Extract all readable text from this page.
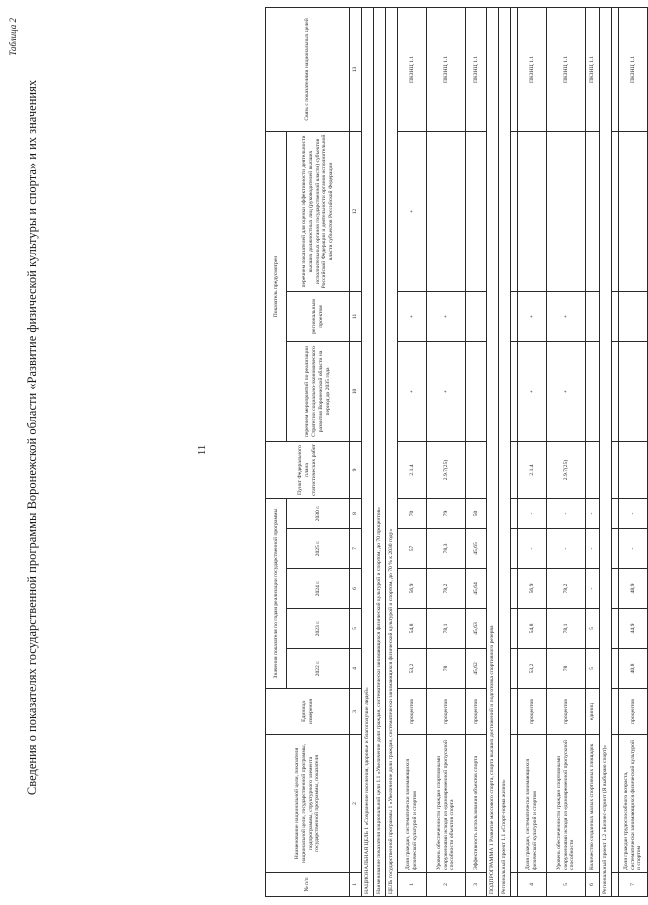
11
Таблица 2
Сведения о показателях государственной программы Воронежской области «Развитие физической культуры и спорта» и их значениях
№ п/п	Наименование национальной цели, показателя национальной цели, государственной программы, подпрограммы, структурного элемента государственной программы, показателя	Единица измерения	Значения показателя по годам реализации государственной программы					Пункт Федерального плана статистических работ	Показатель предусмотрен			Связь с показателями национальных целей
									перечнем мероприятий по реализации Стратегии социально-экономического развития Воронежской области на период до 2035 года	региональным проектом	перечнем показателей для оценки эффективности деятельности высших должностных лиц (руководителей высших исполнительных органов государственной власти) субъектов Российской Федерации и деятельности органов исполнительной власти субъектов Российской Федерации	
			2022 г.	2023 г.	2024 г.	2025 г.	2030 г.					
1	2	3	4	5	6	7	8	9	10	11	12	13
НАЦИОНАЛЬНАЯ ЦЕЛЬ 1 «Сохранение населения, здоровье и благополучие людей»												
Наименование показателя национальной цели 1.1 «Увеличение доли граждан, систематически занимающихся физической культурой и спортом, до 70 процентов»												
ЦЕЛЬ государственной программы 1 «Увеличение доли граждан, систематически занимающихся физической культурой и спортом, до 70 % к 2030 году»												
1	Доля граждан, систематически занимающихся физической культурой и спортом	процентов	53,2	54,8	56,9	57	70	2.1.4	+	+	+	ПКЗНЦ 1.1
2	Уровень обеспеченности граждан спортивными сооружениями исходя из единовременной пропускной способности объектов спорта	процентов	78	78,1	78,2	78,3	79	2.9.7(25)	+	+		ПКЗНЦ 1.1
3	Эффективность использования объектов спорта	процентов	45,62	45,63	45,64	45,65	50					ПКЗНЦ 1.1
ПОДПРОГРАММА 1 Развитие массового спорта, спорта высших достижений и подготовка спортивного резерва												
Региональный проект 1.1 «Спорт-норма жизни»												

4	Доля граждан, систематически занимающихся физической культурой и спортом	процентов	53,2	54,8	56,9	-	-	2.1.4	+	+		ПКЗНЦ 1.1
5	Уровень обеспеченности граждан спортивными сооружениями исходя из единовременной пропускной способности	процентов	78	78,1	78,2	-	-	2.9.7(25)	+	+		ПКЗНЦ 1.1
6	Количество созданных малых спортивных площадок	единиц	5	5	-	-	-					ПКЗНЦ 1.1
Региональный проект 1.2 «Бизнес-спринт (Я выбираю спорт)»												

7	Доля граждан трудоспособного возраста, систематически занимающихся физической культурой и спортом	процентов	40,8	44,9	48,9	-	-					ПКЗНЦ 1.1
